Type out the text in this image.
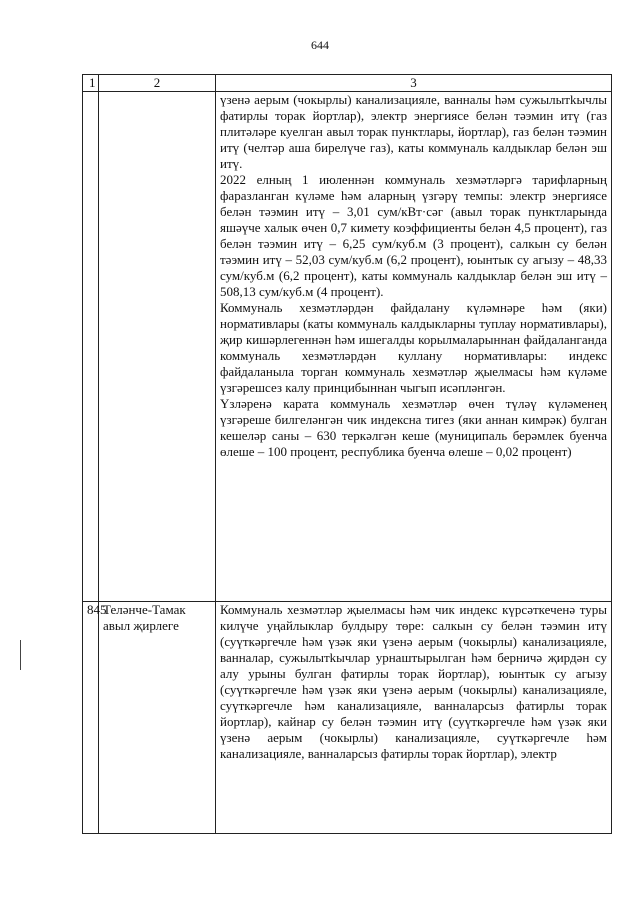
644
1	2	3

		үзенә аерым (чокырлы) канализацияле, ванналы һәм сужылытkычлы фатирлы торак йортлар), электр энергиясе белән тәэмин итү (газ плитәләре куелган авыл торак пунктлары, йортлар), газ белән тәэмин итү (челтәр аша бирелүче газ), каты коммуналь калдыклар белән эш итү.

2022 елның 1 июленнән коммуналь хезмәтләргә тарифларның фаразланган күләме һәм аларның үзгәрү темпы: электр энергиясе белән тәэмин итү – 3,01 сум/кВт·сәг (авыл торак пунктларында яшәүче халык өчен 0,7 кимету коэффициенты белән 4,5 процент), газ белән тәэмин итү – 6,25 сум/куб.м (3 процент), салкын су белән тәэмин итү – 52,03 сум/куб.м (6,2 процент), юынтык су агызу – 48,33 сум/куб.м (6,2 процент), каты коммуналь калдыклар белән эш итү – 508,13 сум/куб.м (4 процент).

Коммуналь хезмәтләрдән файдалану күләмнәре һәм (яки) нормативлары (каты коммуналь калдыкларны туплау нормативлары), җир кишәрлегеннән һәм ишегалды корылмаларыннан файдаланганда коммуналь хезмәтләрдән куллану нормативлары: индекс файдаланыла торган коммуналь хезмәтләр җыелмасы һәм күләме үзгәрешсез калу принцибыннан чыгып исәпләнгән.

Үзләренә карата коммуналь хезмәтләр өчен түләү күләменең үзгәреше билгеләнгән чик индексна тигез (яки аннан кимрәк) булган кешеләр саны – 630 теркәлгән кеше (муниципаль берәмлек буенча өлеше – 100 процент, республика буенча өлеше – 0,02 процент)

845	Теләнче-Тамак авыл җирлеге	Коммуналь хезмәтләр җыелмасы һәм чик индекс күрсәткеченә туры килүче уңайлыклар булдыру төре: салкын су белән тәэмин итү (суүткәргечле һәм үзәк яки үзенә аерым (чокырлы) канализацияле, ванналар, сужылытkычлар урнаштырылган һәм берничә җирдән су алу урыны булган фатирлы торак йортлар), юынтык су агызу (суүткәргечле һәм үзәк яки үзенә аерым (чокырлы) канализацияле, суүткәргечле һәм канализацияле, ванналарсыз фатирлы торак йортлар), кайнар су белән тәэмин итү (суүткәргечле һәм үзәк яки үзенә аерым (чокырлы) канализацияле, суүткәргечле һәм канализацияле, ванналарсыз фатирлы торак йортлар), электр
